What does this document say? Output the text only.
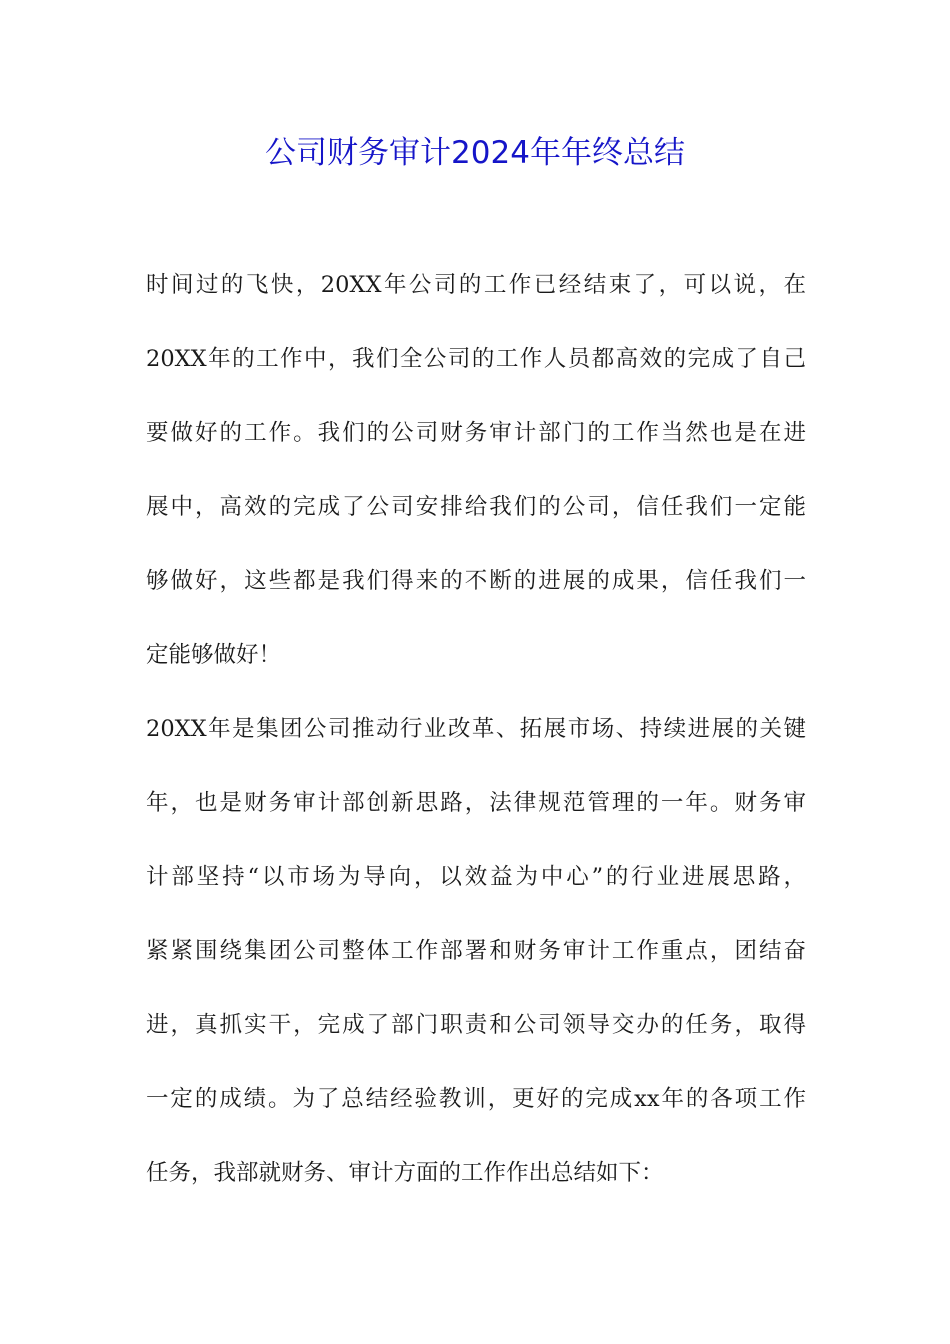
公司财务审计2024年年终总结
时间过的飞快，20XX年公司的工作已经结束了，可以说，在
20XX年的工作中，我们全公司的工作人员都高效的完成了自己
要做好的工作。我们的公司财务审计部门的工作当然也是在进
展中，高效的完成了公司安排给我们的公司，信任我们一定能
够做好，这些都是我们得来的不断的进展的成果，信任我们一
定能够做好！
20XX年是集团公司推动行业改革、拓展市场、持续进展的关键
年，也是财务审计部创新思路，法律规范管理的一年。财务审
计部坚持“以市场为导向，以效益为中心”的行业进展思路，
紧紧围绕集团公司整体工作部署和财务审计工作重点，团结奋
进，真抓实干，完成了部门职责和公司领导交办的任务，取得
一定的成绩。为了总结经验教训，更好的完成xx年的各项工作
任务，我部就财务、审计方面的工作作出总结如下：
